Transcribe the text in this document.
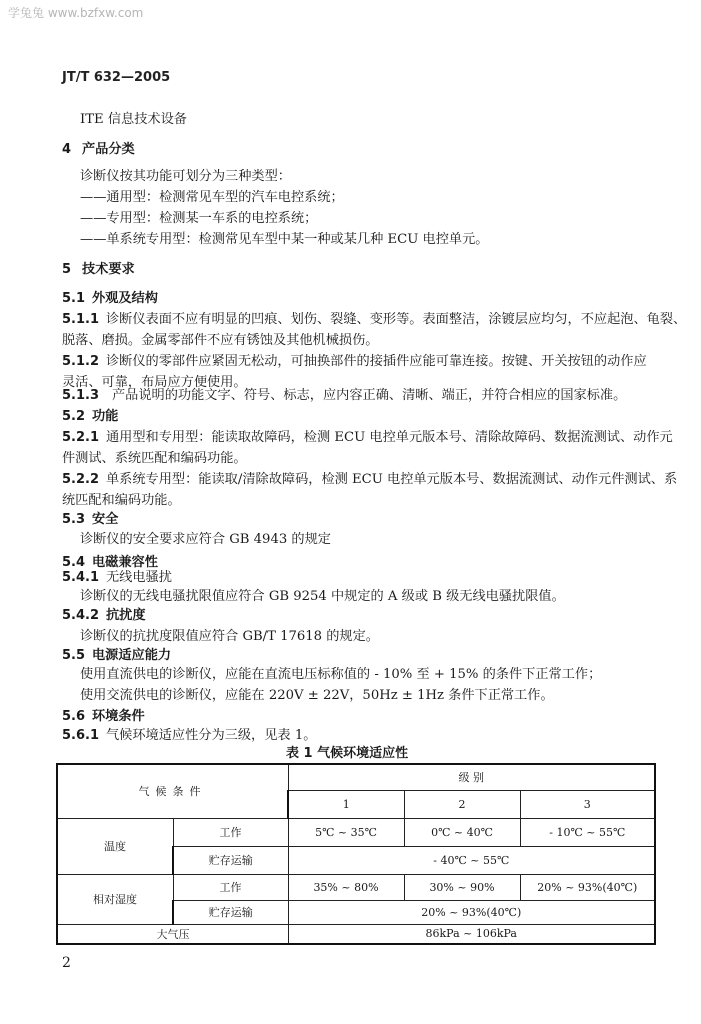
学兔兔 www.bzfxw.com
JT/T 632—2005
ITE 信息技术设备
4 产品分类
诊断仪按其功能可划分为三种类型：
——通用型：检测常见车型的汽车电控系统；
——专用型：检测某一车系的电控系统；
——单系统专用型：检测常见车型中某一种或某几种 ECU 电控单元。
5 技术要求
5.1 外观及结构
5.1.1 诊断仪表面不应有明显的凹痕、划伤、裂缝、变形等。表面整洁，涂镀层应均匀，不应起泡、龟裂、
脱落、磨损。金属零部件不应有锈蚀及其他机械损伤。
5.1.2 诊断仪的零部件应紧固无松动，可抽换部件的接插件应能可靠连接。按键、开关按钮的动作应
灵活、可靠，布局应方便使用。
5.1.3 产品说明的功能文字、符号、标志，应内容正确、清晰、端正，并符合相应的国家标准。
5.2 功能
5.2.1 通用型和专用型：能读取故障码，检测 ECU 电控单元版本号、清除故障码、数据流测试、动作元
件测试、系统匹配和编码功能。
5.2.2 单系统专用型：能读取/清除故障码，检测 ECU 电控单元版本号、数据流测试、动作元件测试、系
统匹配和编码功能。
5.3 安全
诊断仪的安全要求应符合 GB 4943 的规定
5.4 电磁兼容性
5.4.1 无线电骚扰
诊断仪的无线电骚扰限值应符合 GB 9254 中规定的 A 级或 B 级无线电骚扰限值。
5.4.2 抗扰度
诊断仪的抗扰度限值应符合 GB/T 17618 的规定。
5.5 电源适应能力
使用直流供电的诊断仪，应能在直流电压标称值的 - 10% 至 + 15% 的条件下正常工作；
使用交流供电的诊断仪，应能在 220V ± 22V，50Hz ± 1Hz 条件下正常工作。
5.6 环境条件
5.6.1 气候环境适应性分为三级，见表 1。
表 1 气候环境适应性
气候条件		级 别		
		1	2	3
温度	工作	5℃ ~ 35℃	0℃ ~ 40℃	- 10℃ ~ 55℃
	贮存运输	- 40℃ ~ 55℃		
相对湿度	工作	35% ~ 80%	30% ~ 90%	20% ~ 93%(40℃)
	贮存运输	20% ~ 93%(40℃)		
大气压		86kPa ~ 106kPa		
2
